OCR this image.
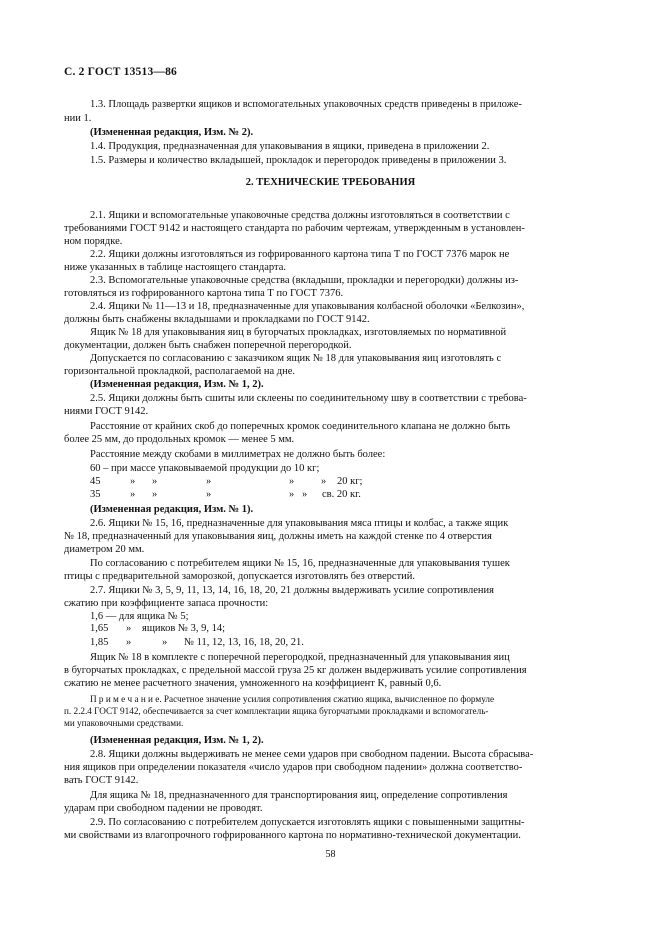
С. 2 ГОСТ 13513—86
1.3. Площадь развертки ящиков и вспомогательных упаковочных средств приведены в приложе-
нии 1.
(Измененная редакция, Изм. № 2).
1.4. Продукция, предназначенная для упаковывания в ящики, приведена в приложении 2.
1.5. Размеры и количество вкладышей, прокладок и перегородок приведены в приложении 3.
2. ТЕХНИЧЕСКИЕ ТРЕБОВАНИЯ
2.1. Ящики и вспомогательные упаковочные средства должны изготовляться в соответствии с
требованиями ГОСТ 9142 и настоящего стандарта по рабочим чертежам, утвержденным в установлен-
ном порядке.
2.2. Ящики должны изготовляться из гофрированного картона типа Т по ГОСТ 7376 марок не
ниже указанных в таблице настоящего стандарта.
2.3. Вспомогательные упаковочные средства (вкладыши, прокладки и перегородки) должны из-
готовляться из гофрированного картона типа Т по ГОСТ 7376.
2.4. Ящики № 11—13 и 18, предназначенные для упаковывания колбасной оболочки «Белкозин»,
должны быть снабжены вкладышами и прокладками по ГОСТ 9142.
Ящик № 18 для упаковывания яиц в бугорчатых прокладках, изготовляемых по нормативной
документации, должен быть снабжен поперечной перегородкой.
Допускается по согласованию с заказчиком ящик № 18 для упаковывания яиц изготовлять с
горизонтальной прокладкой, располагаемой на дне.
(Измененная редакция, Изм. № 1, 2).
2.5. Ящики должны быть сшиты или склеены по соединительному шву в соответствии с требова-
ниями ГОСТ 9142.
Расстояние от крайних скоб до поперечных кромок соединительного клапана не должно быть
более 25 мм, до продольных кромок — менее 5 мм.
Расстояние между скобами в миллиметрах не должно быть более:
60 – при массе упаковываемой продукции до 10 кг;
45	» »	»	»	» 20 кг;
35	» »	»	» » св. 20 кг.
(Измененная редакция, Изм. № 1).
2.6. Ящики № 15, 16, предназначенные для упаковывания мяса птицы и колбас, а также ящик
№ 18, предназначенный для упаковывания яиц, должны иметь на каждой стенке по 4 отверстия
диаметром 20 мм.
По согласованию с потребителем ящики № 15, 16, предназначенные для упаковывания тушек
птицы с предварительной заморозкой, допускается изготовлять без отверстий.
2.7. Ящики № 3, 5, 9, 11, 13, 14, 16, 18, 20, 21 должны выдерживать усилие сопротивления
сжатию при коэффициенте запаса прочности:
1,6 — для ящика № 5;
1,65 » ящиков № 3, 9, 14;
1,85 »	» № 11, 12, 13, 16, 18, 20, 21.
Ящик № 18 в комплекте с поперечной перегородкой, предназначенный для упаковывания яиц
в бугорчатых прокладках, с предельной массой груза 25 кг должен выдерживать усилие сопротивления
сжатию не менее расчетного значения, умноженного на коэффициент К, равный 0,6.
П р и м е ч а н и е. Расчетное значение усилия сопротивления сжатию ящика, вычисленное по формуле
п. 2.2.4 ГОСТ 9142, обеспечивается за счет комплектации ящика бугорчатыми прокладками и вспомогатель-
ми упаковочными средствами.
(Измененная редакция, Изм. № 1, 2).
2.8. Ящики должны выдерживать не менее семи ударов при свободном падении. Высота сбрасыва-
ния ящиков при определении показателя «число ударов при свободном падении» должна соответство-
вать ГОСТ 9142.
Для ящика № 18, предназначенного для транспортирования яиц, определение сопротивления
ударам при свободном падении не проводят.
2.9. По согласованию с потребителем допускается изготовлять ящики с повышенными защитны-
ми свойствами из влагопрочного гофрированного картона по нормативно-технической документации.
58
